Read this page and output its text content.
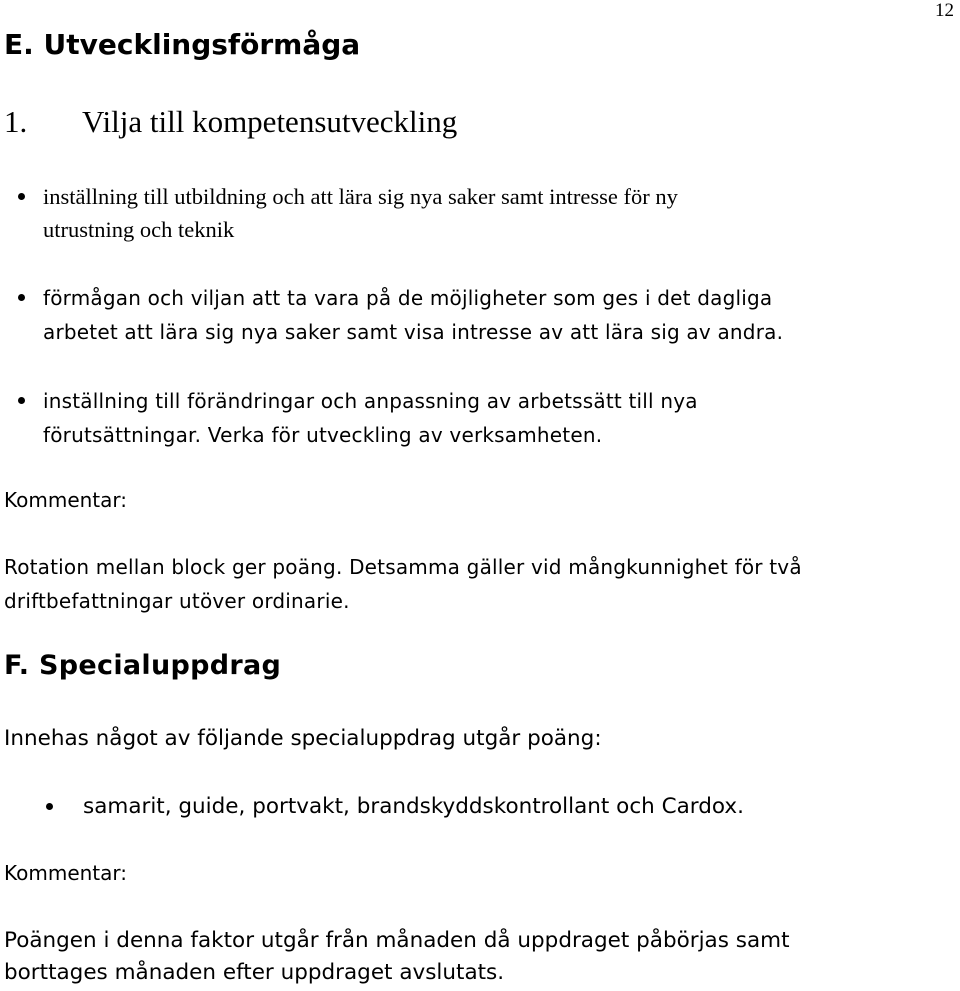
12
E. Utvecklingsförmåga
1. Vilja till kompetensutveckling
inställning till utbildning och att lära sig nya saker samt intresse för ny
utrustning och teknik
förmågan och viljan att ta vara på de möjligheter som ges i det dagliga
arbetet att lära sig nya saker samt visa intresse av att lära sig av andra.
inställning till förändringar och anpassning av arbetssätt till nya
förutsättningar. Verka för utveckling av verksamheten.
Kommentar:
Rotation mellan block ger poäng. Detsamma gäller vid mångkunnighet för två
driftbefattningar utöver ordinarie.
F. Specialuppdrag
Innehas något av följande specialuppdrag utgår poäng:
samarit, guide, portvakt, brandskyddskontrollant och Cardox.
Kommentar:
Poängen i denna faktor utgår från månaden då uppdraget påbörjas samt
borttages månaden efter uppdraget avslutats.
